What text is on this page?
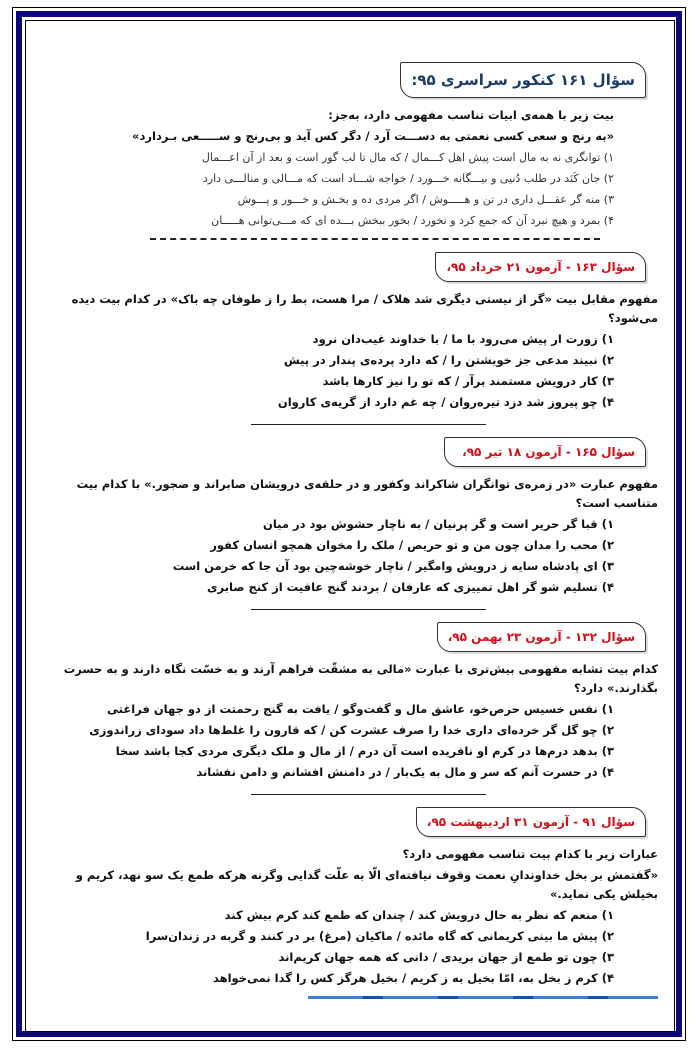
سؤال ۱۶۱ کنکور سراسری ۹۵:
بیت زیر با همه‌ی ابیات تناسب مفهومی دارد، به‌جز:
«به رنج و سعی کسی نعمتی به دســـت آرد / دگر کس آید و بی‌رنج و ســـــعی بـردارد»
۱) توانگری نه به مال است پیش اهل کـــمال / که مال تا لب گور است و بعد از آن اعـــمال
۲) جان کَنَد در طلب دُنیی و بیـــگانه خـــورد / خواجه شـــاد است که مـــالی و منالـــی دارد
۳) منه گر عقـــل داری در تن و هـــــوش / اگر مردی ده و بخـش و خـــور و پـــوش
۴) بمرد و هیچ نبرد آن که جمع کرد و نخورد / بخور ببخش بـــده ای که مـــی‌توانی هـــــان
سؤال ۱۶۳ - آزمون ۲۱ خرداد ۹۵،
مفهوم مقابل بیت «گر از نیستی دیگری شد هلاک / مرا هست، بط را ز طوفان چه باک» در کدام بیت دیده می‌شود؟
۱) زورت ار پیش می‌رود با ما / با خداوند غیب‌دان نرود
۲) نبیند مدعی جز خویشتن را / که دارد پرده‌ی پندار در پیش
۳) کار درویش مستمند برآر / که تو را نیز کارها باشد
۴) چو پیروز شد دزد تیره‌روان / چه غم دارد از گریه‌ی کاروان
سؤال ۱۶۵ - آزمون ۱۸ تیر ۹۵،
مفهوم عبارت «در زمره‌ی توانگران شاکراند وکفور و در حلقه‌ی درویشان صابراند و ضجور.» با کدام بیت متناسب است؟
۱) قبا گر حریر است و گر پرنیان / به ناچار حشوش بود در میان
۲) محب را مدان چون من و تو حریص / ملک را مخوان همچو انسان کفور
۳) ای پادشاه سایه ز درویش وامگیر / ناچار خوشه‌چین بود آن جا که خرمن است
۴) تسلیم شو گر اهل تمییزی که عارفان / بردند گنج عافیت از کنج صابری
سؤال ۱۳۲ - آزمون ۲۳ بهمن ۹۵،
کدام بیت تشابه مفهومی بیش‌تری با عبارت «مالی به مشقّت فراهم آرند و به خسّت نگاه دارند و به حسرت بگذارند.» دارد؟
۱) نفس خسیس حرص‌خو، عاشق مال و گفت‌وگو / یافت به گنج رحمتت از دو جهان فراغتی
۲) چو گل گر خرده‌ای داری خدا را صرف عشرت کن / که قارون را غلط‌ها داد سودای زراندوزی
۳) بدهد درم‌ها در کرم او نافریده است آن درم / از مال و ملک دیگری مردی کجا باشد سخا
۴) در حسرت آنم که سر و مال به یک‌بار / در دامنش افشانم و دامن نفشاند
سؤال ۹۱ - آزمون ۳۱ اردیبهشت ۹۵،
عبارات زیر با کدام بیت تناسب مفهومی دارد؟
«گفتمش بر بخل خداوندانِ نعمت وقوف نیافته‌ای الّا به علّت گدایی وگرنه هرکه طمع یک سو نهد، کریم و بخیلش یکی نماید.»
۱) منعم که نظر به حال درویش کند / چندان که طمع کند کرم بیش کند
۲) پیش ما بینی کریمانی که گاه مائده / ماکیان (مرغ) بر در کنند و گربه در زندان‌سرا
۳) چون تو طمع از جهان بریدی / دانی که همه جهان کریم‌اند
۴) کرم ز بخل به، امّا بخیل به ز کریم / بخیل هرگز کس را گدا نمی‌خواهد
